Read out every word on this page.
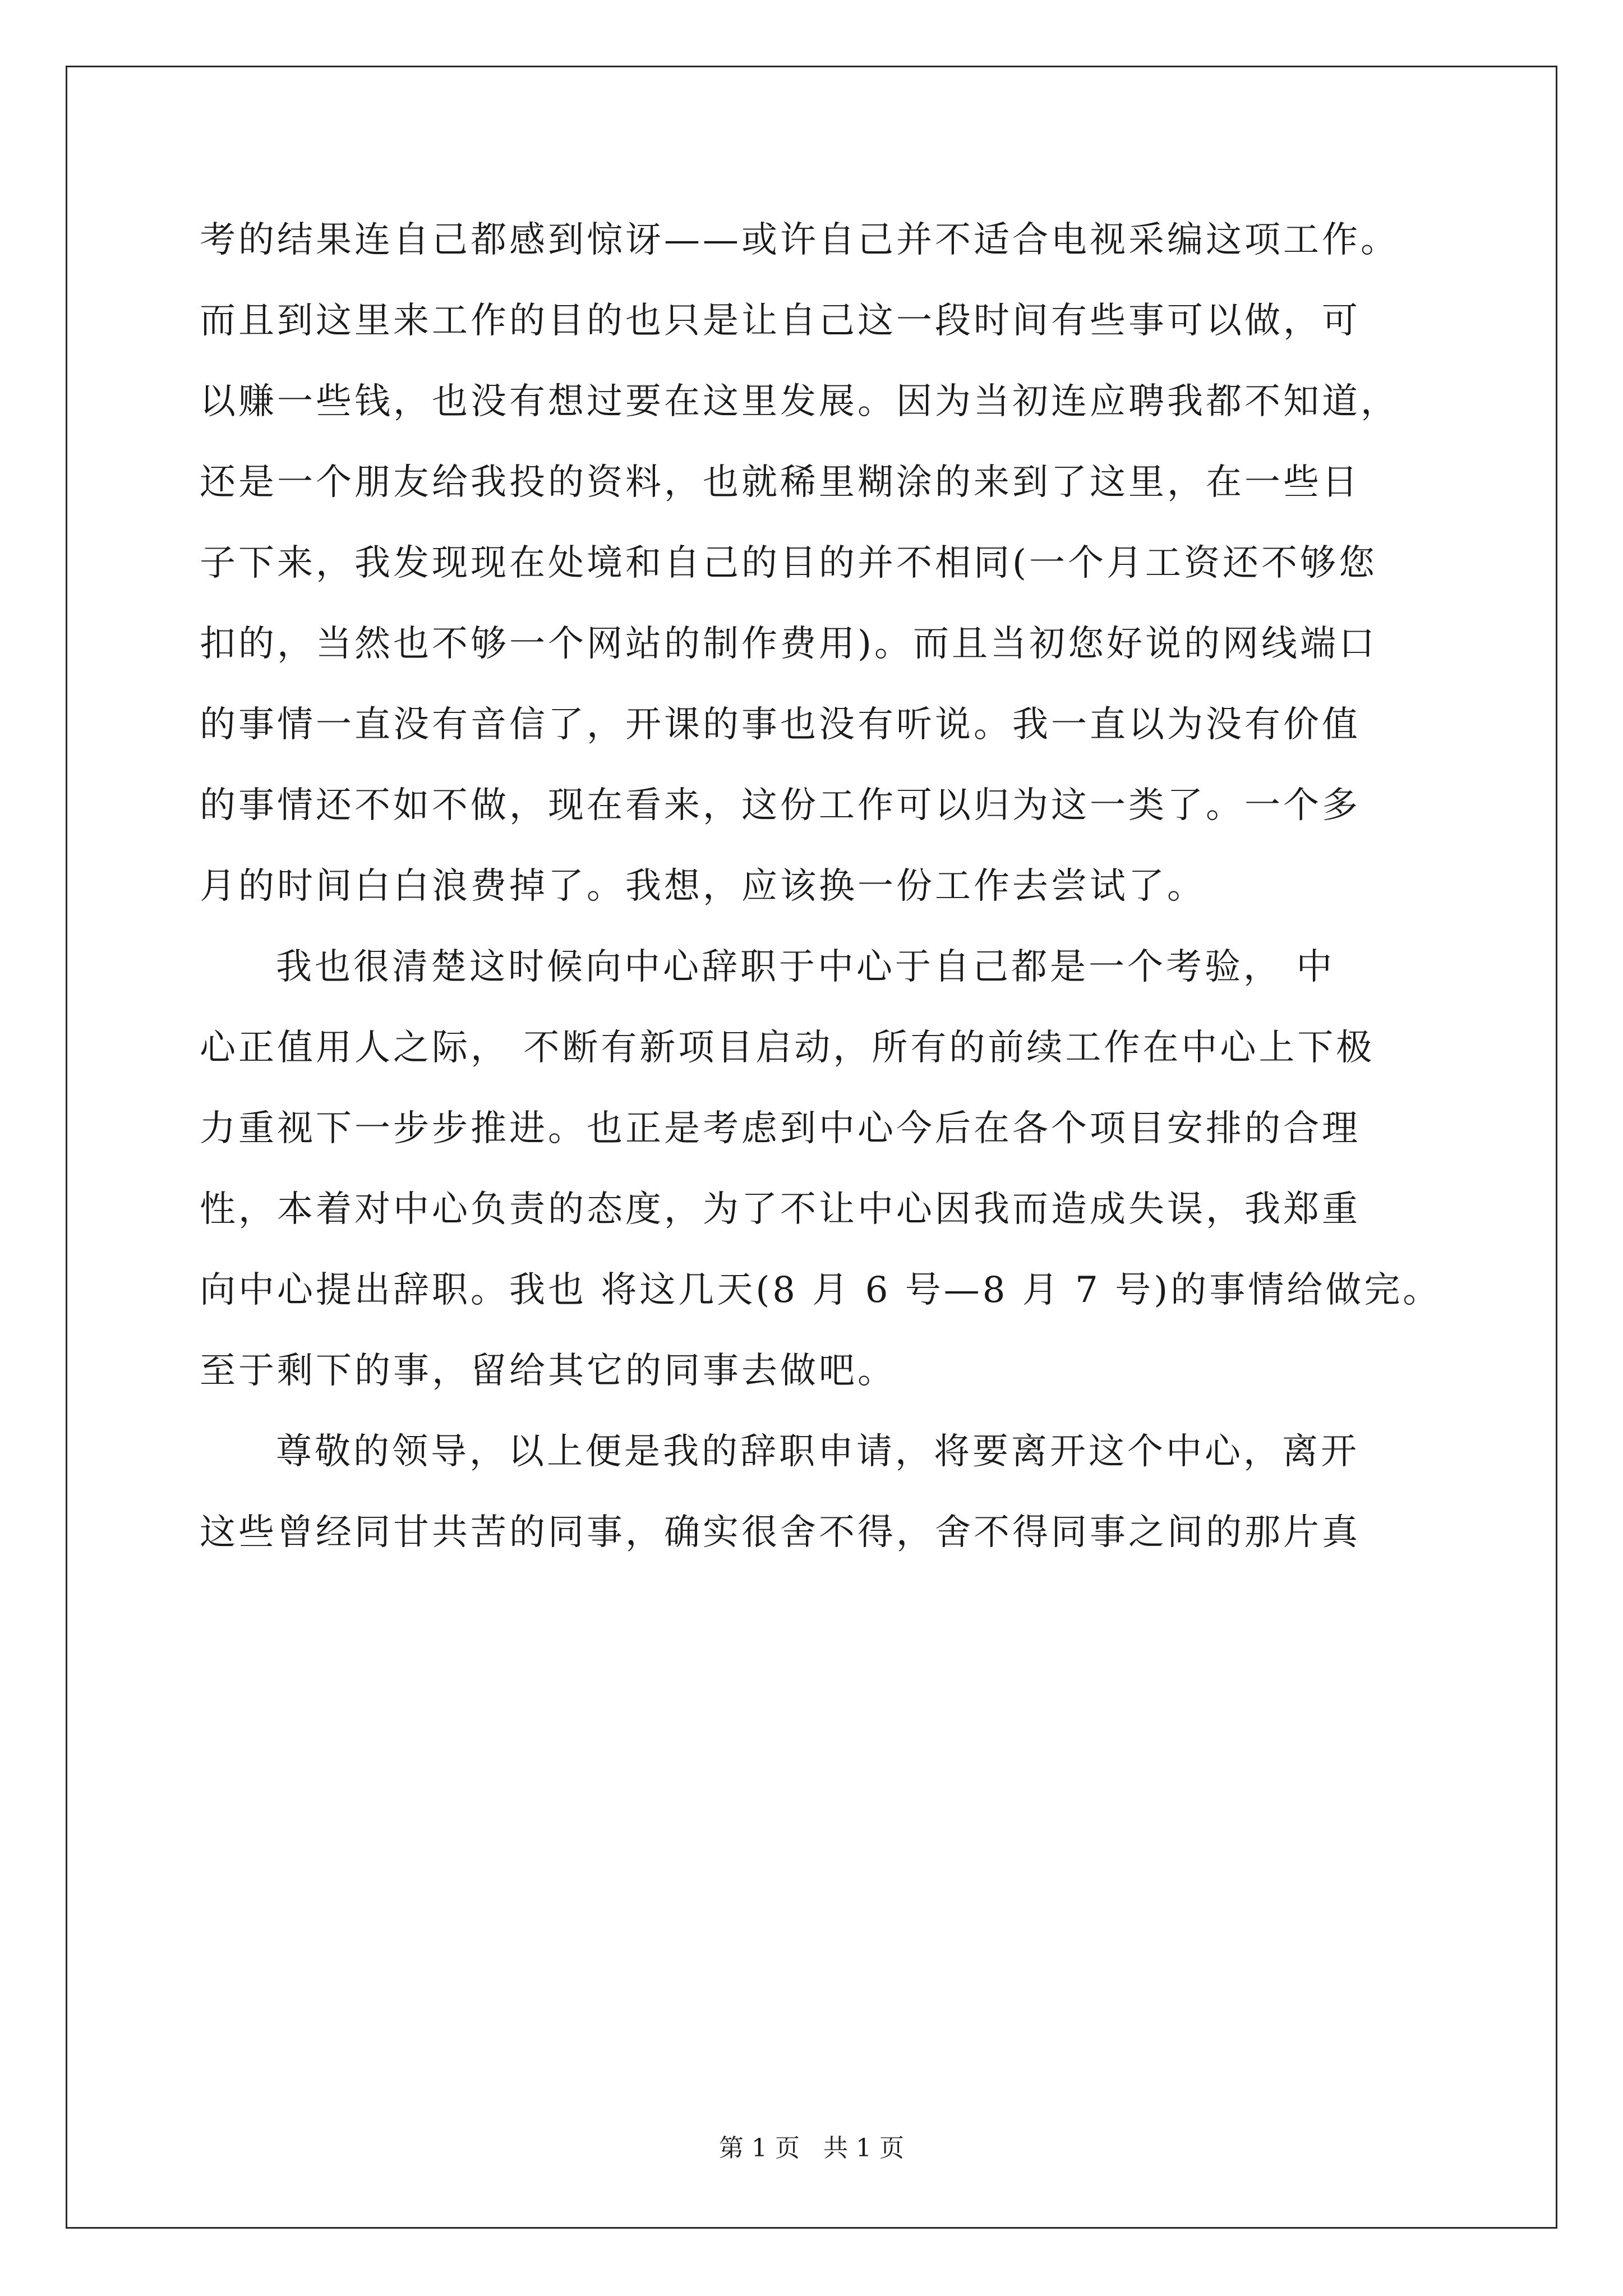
考的结果连自己都感到惊讶——或许自己并不适合电视采编这项工作。
而且到这里来工作的目的也只是让自己这一段时间有些事可以做，可
以赚一些钱，也没有想过要在这里发展。因为当初连应聘我都不知道，
还是一个朋友给我投的资料，也就稀里糊涂的来到了这里，在一些日
子下来，我发现现在处境和自己的目的并不相同(一个月工资还不够您
扣的，当然也不够一个网站的制作费用)。而且当初您好说的网线端口
的事情一直没有音信了，开课的事也没有听说。我一直以为没有价值
的事情还不如不做，现在看来，这份工作可以归为这一类了。一个多
月的时间白白浪费掉了。我想，应该换一份工作去尝试了。
我也很清楚这时候向中心辞职于中心于自己都是一个考验， 中
心正值用人之际， 不断有新项目启动，所有的前续工作在中心上下极
力重视下一步步推进。也正是考虑到中心今后在各个项目安排的合理
性，本着对中心负责的态度，为了不让中心因我而造成失误，我郑重
向中心提出辞职。我也 将这几天(8 月 6 号—8 月 7 号)的事情给做完。
至于剩下的事，留给其它的同事去做吧。
尊敬的领导，以上便是我的辞职申请，将要离开这个中心，离开
这些曾经同甘共苦的同事，确实很舍不得，舍不得同事之间的那片真
第 1 页   共 1 页
